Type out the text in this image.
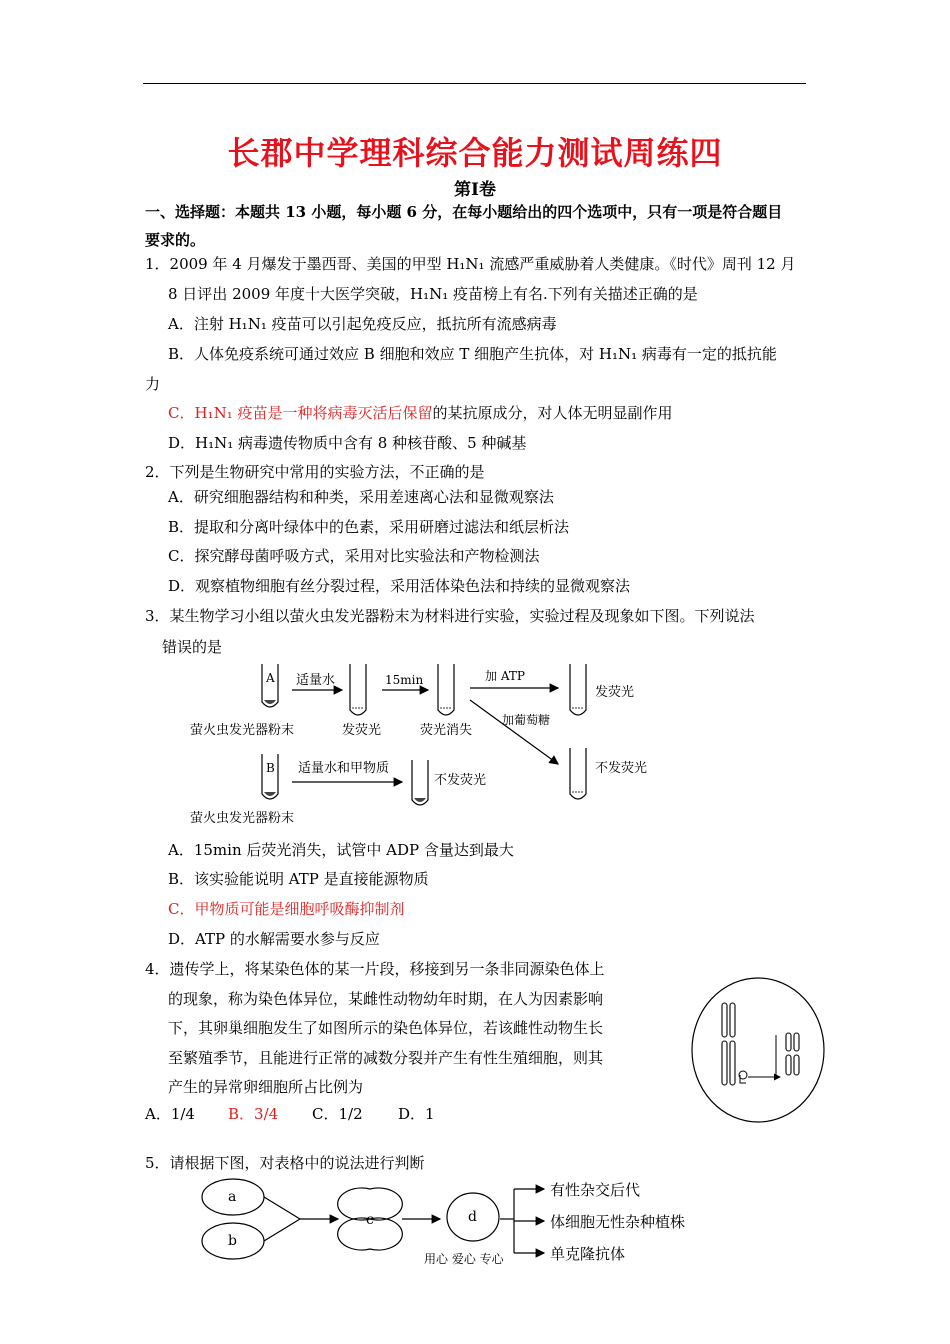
长郡中学理科综合能力测试周练四
第Ⅰ卷
一、选择题：本题共 13 小题，每小题 6 分，在每小题给出的四个选项中，只有一项是符合题目
要求的。
1．2009 年 4 月爆发于墨西哥、美国的甲型 H₁N₁ 流感严重威胁着人类健康。《时代》周刊 12 月
8 日评出 2009 年度十大医学突破，H₁N₁ 疫苗榜上有名.下列有关描述正确的是
A．注射 H₁N₁ 疫苗可以引起免疫反应，抵抗所有流感病毒
B．人体免疫系统可通过效应 B 细胞和效应 T 细胞产生抗体，对 H₁N₁ 病毒有一定的抵抗能
力
C．H₁N₁ 疫苗是一种将病毒灭活后保留的某抗原成分，对人体无明显副作用
D．H₁N₁ 病毒遗传物质中含有 8 种核苷酸、5 种碱基
2．下列是生物研究中常用的实验方法，不正确的是
A．研究细胞器结构和种类，采用差速离心法和显微观察法
B．提取和分离叶绿体中的色素，采用研磨过滤法和纸层析法
C．探究酵母菌呼吸方式，采用对比实验法和产物检测法
D．观察植物细胞有丝分裂过程，采用活体染色法和持续的显微观察法
3．某生物学习小组以萤火虫发光器粉末为材料进行实验，实验过程及现象如下图。下列说法
错误的是
A 适量水	15min	加 ATP
加葡萄糖
发荧光
不发荧光
萤火虫发光器粉末	发荧光	荧光消失
B 适量水和甲物质
不发荧光
萤火虫发光器粉末
A．15min 后荧光消失，试管中 ADP 含量达到最大
B．该实验能说明 ATP 是直接能源物质
C．甲物质可能是细胞呼吸酶抑制剂
D．ATP 的水解需要水参与反应
4．遗传学上，将某染色体的某一片段，移接到另一条非同源染色体上
的现象，称为染色体异位，某雌性动物幼年时期，在人为因素影响
下，其卵巢细胞发生了如图所示的染色体异位，若该雌性动物生长
至繁殖季节，且能进行正常的减数分裂并产生有性生殖细胞，则其
产生的异常卵细胞所占比例为
A．1/4 B．3/4 C．1/2 D．1
5．请根据下图，对表格中的说法进行判断
a
b
c	d
有性杂交后代
体细胞无性杂种植株
单克隆抗体
用心 爱心 专心
